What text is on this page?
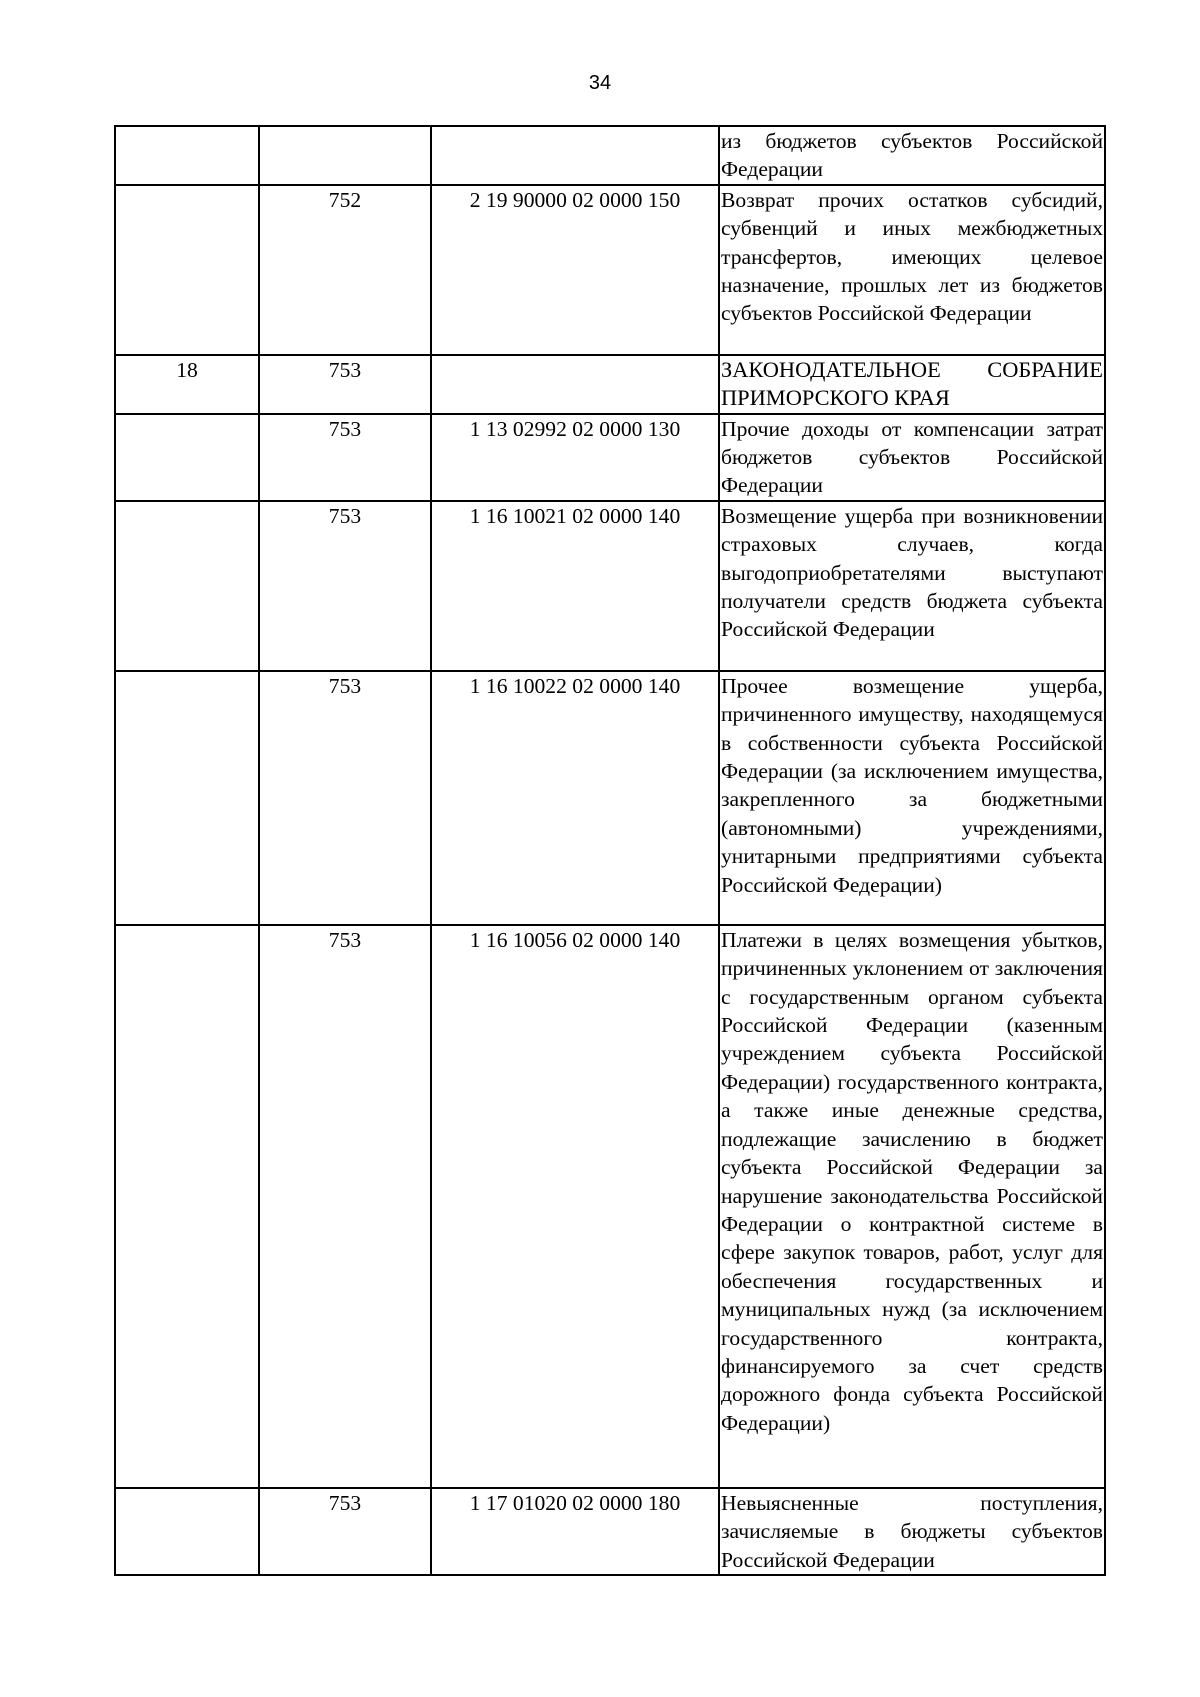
34
			из бюджетов субъектов Российской Федерации
	752	2 19 90000 02 0000 150	Возврат прочих остатков субсидий, субвенций и иных межбюджетных трансфертов, имеющих целевое назначение, прошлых лет из бюджетов субъектов Российской Федерации
18	753		ЗАКОНОДАТЕЛЬНОЕ СОБРАНИЕ ПРИМОРСКОГО КРАЯ
	753	1 13 02992 02 0000 130	Прочие доходы от компенсации затрат бюджетов субъектов Российской Федерации
	753	1 16 10021 02 0000 140	Возмещение ущерба при возникновении страховых случаев, когда выгодоприобретателями выступают получатели средств бюджета субъекта Российской Федерации
	753	1 16 10022 02 0000 140	Прочее возмещение ущерба, причиненного имуществу, находящемуся в собственности субъекта Российской Федерации (за исключением имущества, закрепленного за бюджетными (автономными) учреждениями, унитарными предприятиями субъекта Российской Федерации)
	753	1 16 10056 02 0000 140	Платежи в целях возмещения убытков, причиненных уклонением от заключения с государственным органом субъекта Российской Федерации (казенным учреждением субъекта Российской Федерации) государственного контракта, а также иные денежные средства, подлежащие зачислению в бюджет субъекта Российской Федерации за нарушение законодательства Российской Федерации о контрактной системе в сфере закупок товаров, работ, услуг для обеспечения государственных и муниципальных нужд (за исключением государственного контракта, финансируемого за счет средств дорожного фонда субъекта Российской Федерации)
	753	1 17 01020 02 0000 180	Невыясненные поступления, зачисляемые в бюджеты субъектов Российской Федерации
